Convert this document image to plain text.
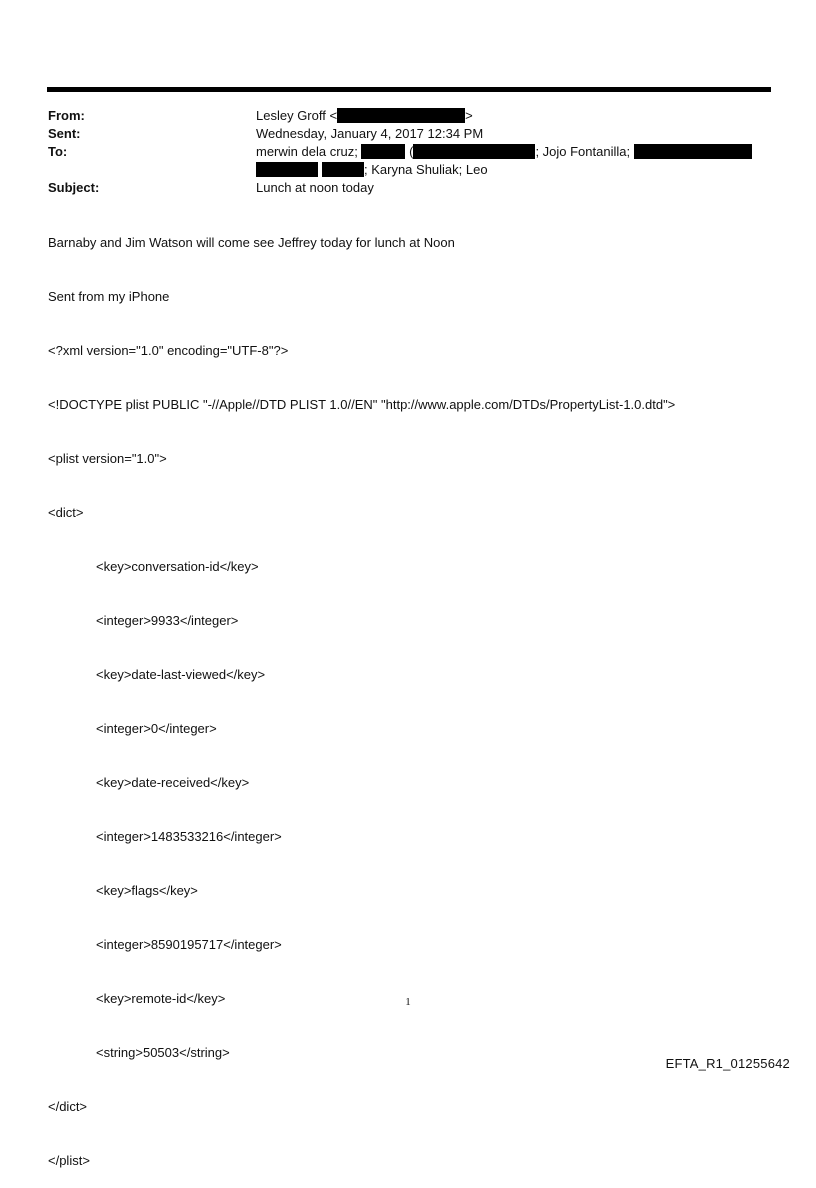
From:	Lesley Groff <	>
Sent:	Wednesday, January 4, 2017 12:34 PM
To:	merwin dela cruz;	(	; Jojo Fontanilla;
; Karyna Shuliak; Leo
Subject:	Lunch at noon today
Barnaby and Jim Watson will come see Jeffrey today for lunch at Noon
Sent from my iPhone

<?xml version="1.0" encoding="UTF-8"?>

<!DOCTYPE plist PUBLIC "-//Apple//DTD PLIST 1.0//EN" "http://www.apple.com/DTDs/PropertyList-1.0.dtd">

<plist version="1.0">

<dict>

<key>conversation-id</key>

<integer>9933</integer>

<key>date-last-viewed</key>

<integer>0</integer>

<key>date-received</key>

<integer>1483533216</integer>

<key>flags</key>

<integer>8590195717</integer>

<key>remote-id</key>

<string>50503</string>

</dict>

</plist>

1
EFTA_R1_01255642
